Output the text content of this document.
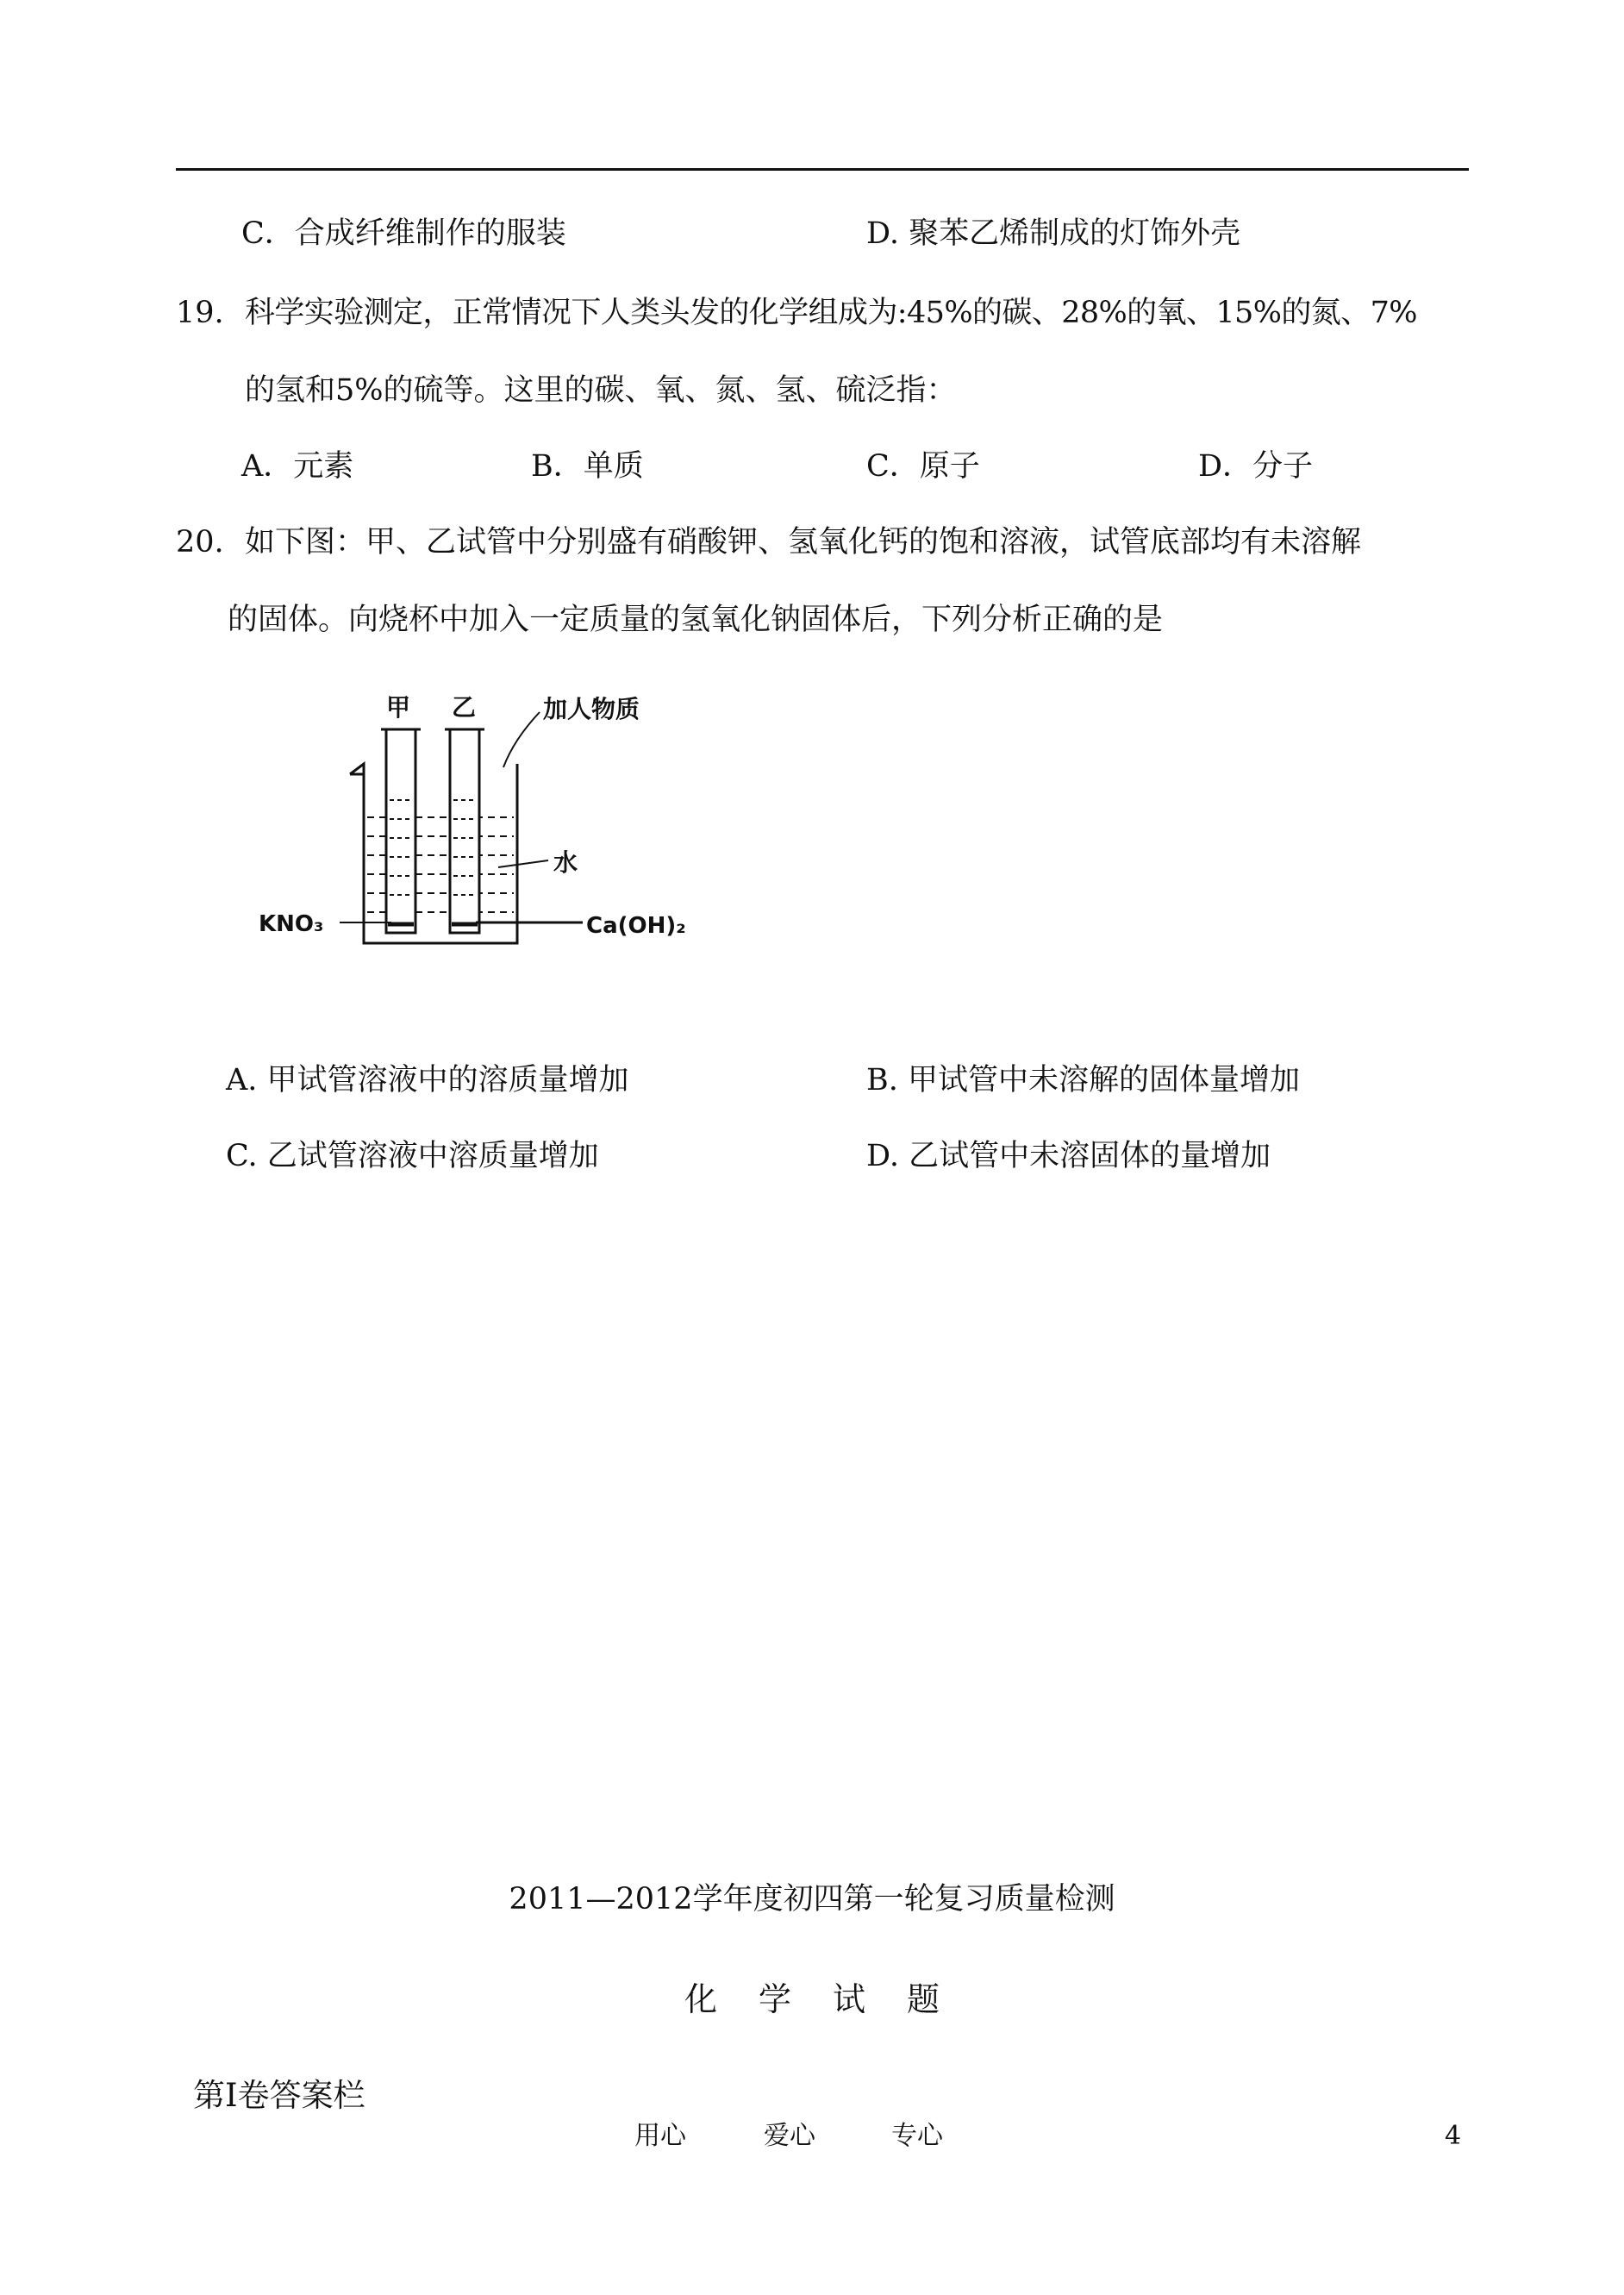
C．合成纤维制作的服装	D. 聚苯乙烯制成的灯饰外壳
19. 科学实验测定，正常情况下人类头发的化学组成为:45%的碳、28%的氧、15%的氮、7%
的氢和5%的硫等。这里的碳、氧、氮、氢、硫泛指：
A．元素	B．单质	C．原子	D．分子
20. 如下图：甲、乙试管中分别盛有硝酸钾、氢氧化钙的饱和溶液，试管底部均有未溶解
的固体。向烧杯中加入一定质量的氢氧化钠固体后，下列分析正确的是
甲 乙	加人物质
水
KNO₃	Ca(OH)₂
A. 甲试管溶液中的溶质量增加	B. 甲试管中未溶解的固体量增加
C. 乙试管溶液中溶质量增加	D. 乙试管中未溶固体的量增加
2011—2012学年度初四第一轮复习质量检测
化 学 试 题
第Ⅰ卷答案栏
用心	爱心	专心	4
